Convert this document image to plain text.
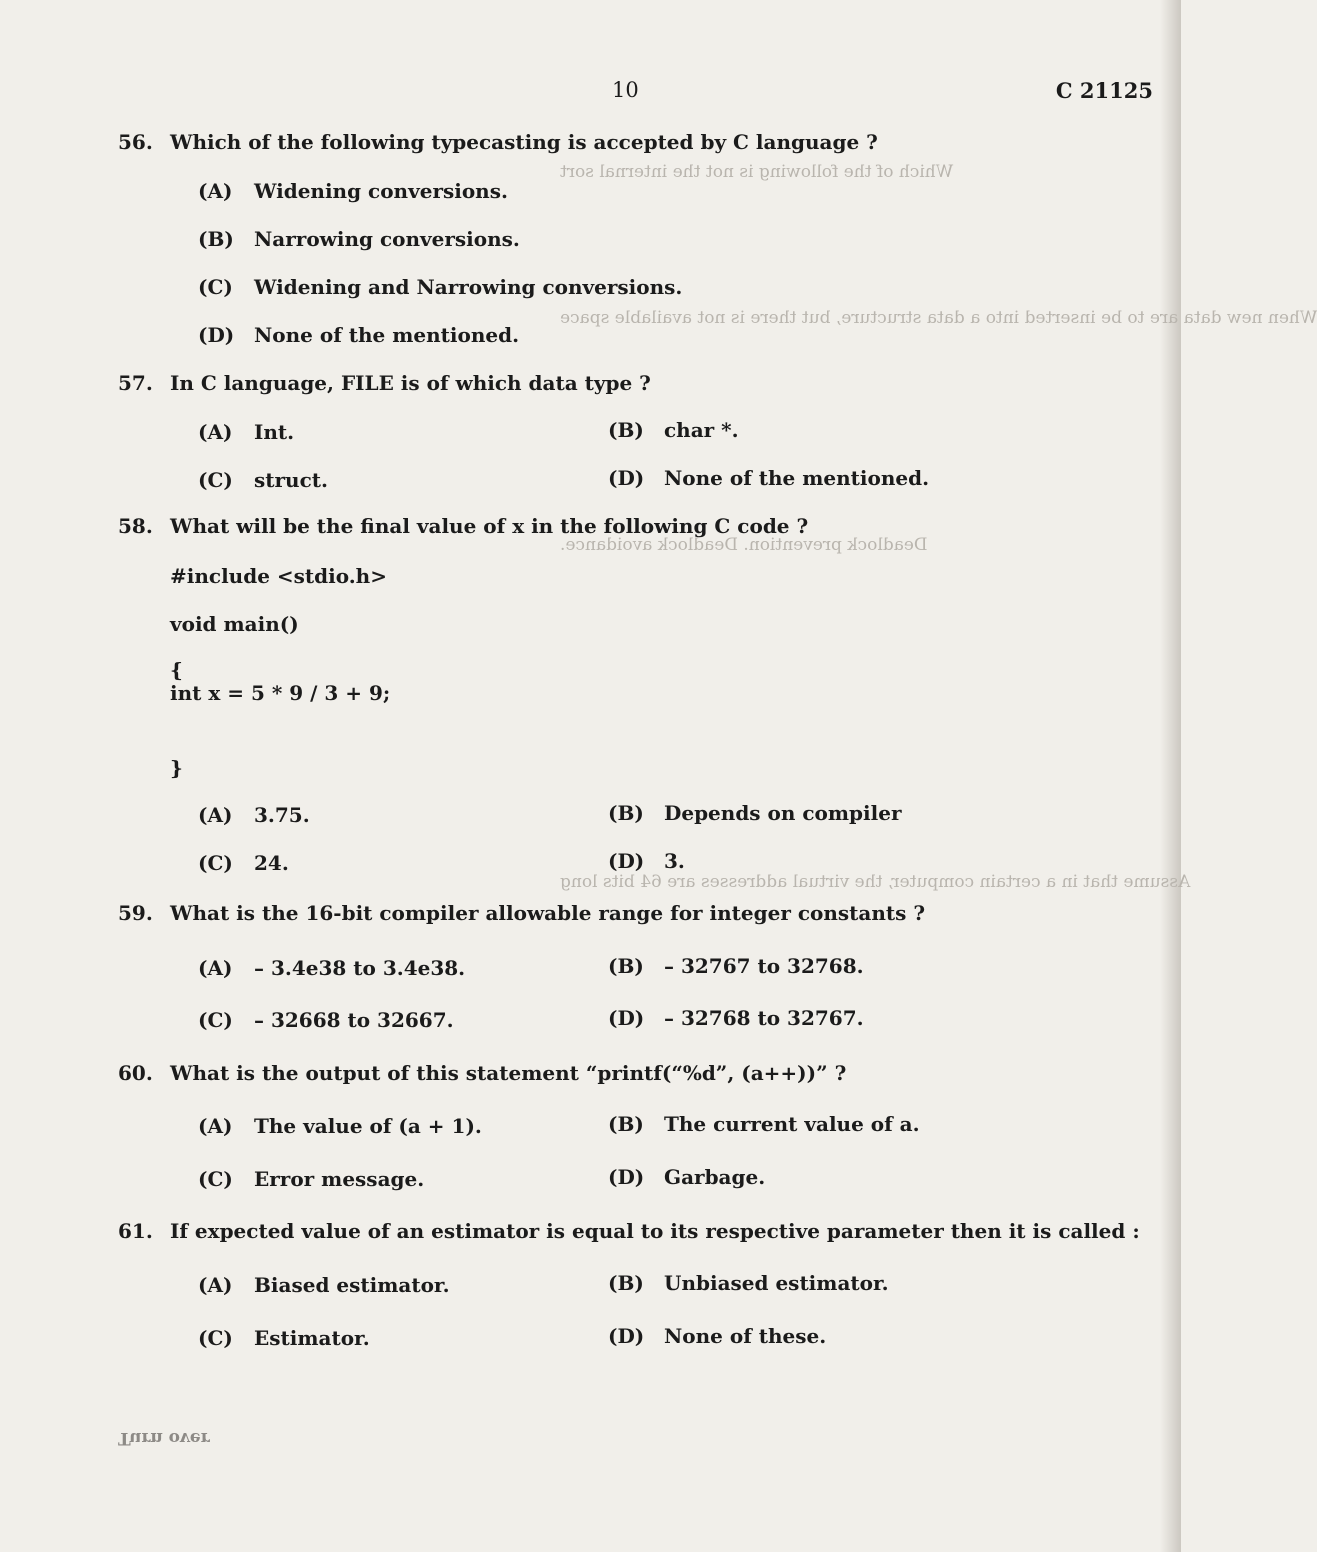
Which of the following is not the internal sort
When new data are to be inserted into a data structure, but there is not available space
Deadlock prevention. Deadlock avoidance.
Assume that in a certain computer, the virtual addresses are 64 bits long
10	C 21125
56. Which of the following typecasting is accepted by C language ?
(A) Widening conversions.
(B) Narrowing conversions.
(C) Widening and Narrowing conversions.
(D) None of the mentioned.
57. In C language, FILE is of which data type ?
(A) Int.	(B) char *.
(C) struct.	(D) None of the mentioned.
58. What will be the final value of x in the following C code ?
#include <stdio.h>
void main()
{
int x = 5 * 9 / 3 + 9;
}
(A) 3.75.	(B) Depends on compiler
(C) 24.	(D) 3.
59. What is the 16-bit compiler allowable range for integer constants ?
(A) – 3.4e38 to 3.4e38.	(B) – 32767 to 32768.
(C) – 32668 to 32667.	(D) – 32768 to 32767.
60. What is the output of this statement “printf(“%d”, (a++))” ?
(A) The value of (a + 1).	(B) The current value of a.
(C) Error message.	(D) Garbage.
61. If expected value of an estimator is equal to its respective parameter then it is called :
(A) Biased estimator.	(B) Unbiased estimator.
(C) Estimator.	(D) None of these.
Turn over
